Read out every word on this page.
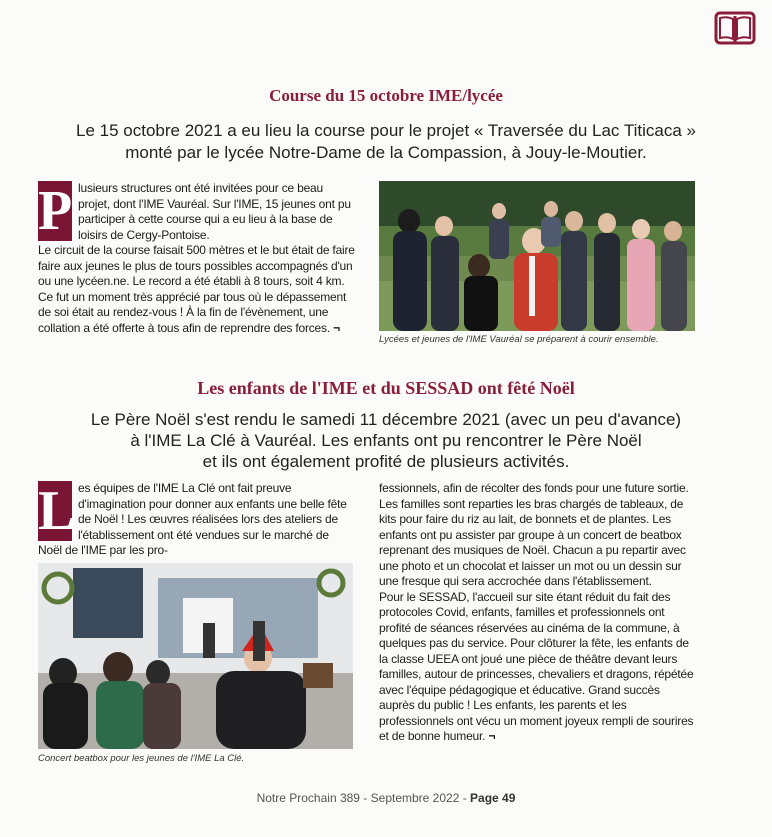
Course du 15 octobre IME/lycée
Le 15 octobre 2021 a eu lieu la course pour le projet « Traversée du Lac Titicaca »
monté par le lycée Notre-Dame de la Compassion, à Jouy-le-Moutier.
P lusieurs structures ont été invitées pour ce beau projet, dont l'IME Vauréal. Sur l'IME, 15 jeunes ont pu participer à cette course qui a eu lieu à la base de loisirs de Cergy-Pontoise.

Le circuit de la course faisait 500 mètres et le but était de faire faire aux jeunes le plus de tours possibles accompagnés d'un ou une lycéen.ne. Le record a été établi à 8 tours, soit 4 km.

Ce fut un moment très apprécié par tous où le dépassement de soi était au rendez-vous ! À la fin de l'évènement, une collation a été offerte à tous afin de reprendre des forces. ¬

Lycées et jeunes de l'IME Vauréal se préparent à courir ensemble.
Les enfants de l'IME et du SESSAD ont fêté Noël
Le Père Noël s'est rendu le samedi 11 décembre 2021 (avec un peu d'avance)
à l'IME La Clé à Vauréal. Les enfants ont pu rencontrer le Père Noël
et ils ont également profité de plusieurs activités.
L es équipes de l'IME La Clé ont fait preuve d'imagination pour donner aux enfants une belle fête de Noël ! Les œuvres réalisées lors des ateliers de l'établissement ont été vendues sur le marché de Noël de l'IME par les pro-

Concert beatbox pour les jeunes de l'IME La Clé.

fessionnels, afin de récolter des fonds pour une future sortie. Les familles sont reparties les bras chargés de tableaux, de kits pour faire du riz au lait, de bonnets et de plantes. Les enfants ont pu assister par groupe à un concert de beatbox reprenant des musiques de Noël. Chacun a pu repartir avec une photo et un chocolat et laisser un mot ou un dessin sur une fresque qui sera accrochée dans l'établissement.

Pour le SESSAD, l'accueil sur site étant réduit du fait des protocoles Covid, enfants, familles et professionnels ont profité de séances réservées au cinéma de la commune, à quelques pas du service. Pour clôturer la fête, les enfants de la classe UEEA ont joué une pièce de théâtre devant leurs familles, autour de princesses, chevaliers et dragons, répétée avec l'équipe pédagogique et éducative. Grand succès auprès du public ! Les enfants, les parents et les professionnels ont vécu un moment joyeux rempli de sourires et de bonne humeur. ¬

Notre Prochain 389 - Septembre 2022 - Page 49
